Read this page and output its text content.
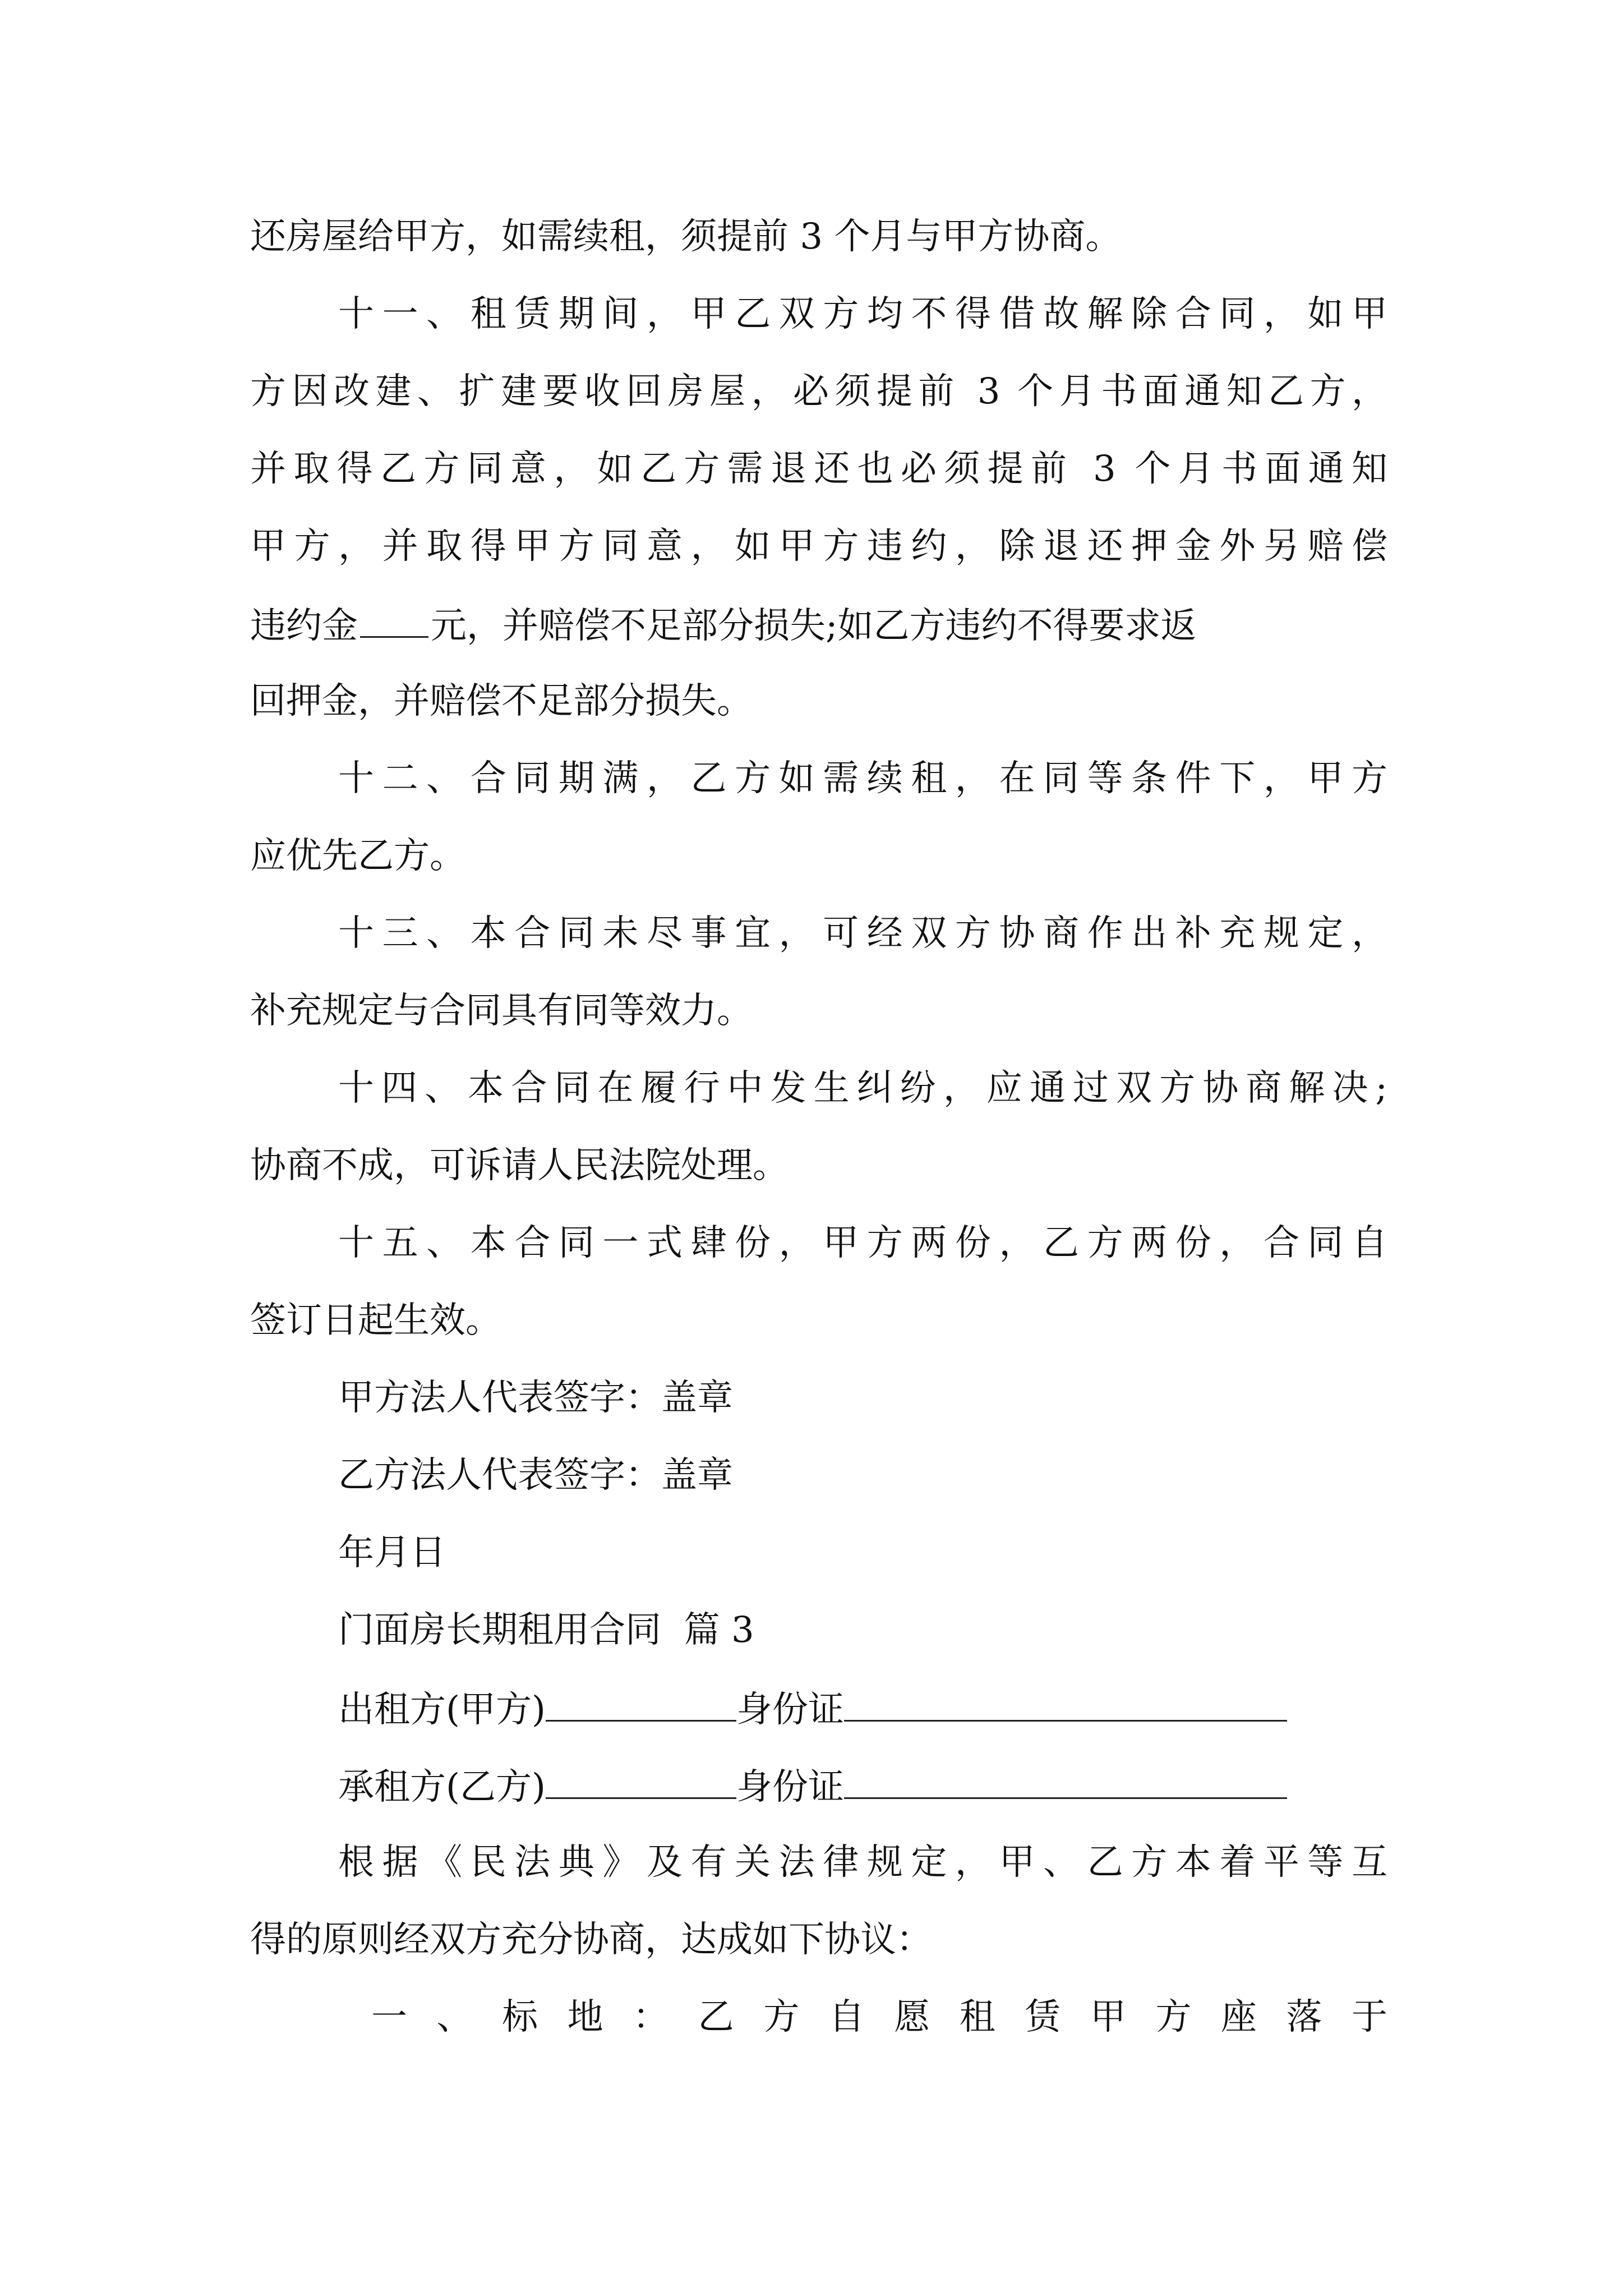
还房屋给甲方，如需续租，须提前 3 个月与甲方协商。
十一、租赁期间，甲乙双方均不得借故解除合同，如甲
方因改建、扩建要收回房屋，必须提前 3 个月书面通知乙方，
并取得乙方同意，如乙方需退还也必须提前 3 个月书面通知
甲方，并取得甲方同意，如甲方违约，除退还押金外另赔偿
违约金 元，并赔偿不足部分损失;如乙方违约不得要求返
回押金，并赔偿不足部分损失。
十二、合同期满，乙方如需续租，在同等条件下，甲方
应优先乙方。
十三、本合同未尽事宜，可经双方协商作出补充规定，
补充规定与合同具有同等效力。
十四、本合同在履行中发生纠纷，应通过双方协商解决;
协商不成，可诉请人民法院处理。
十五、本合同一式肆份，甲方两份，乙方两份，合同自
签订日起生效。
甲方法人代表签字：盖章
乙方法人代表签字：盖章
年月日
门面房长期租用合同  篇 3
出租方(甲方)	身份证
承租方(乙方)	身份证
根据《民法典》及有关法律规定，甲、乙方本着平等互
得的原则经双方充分协商，达成如下协议：
一、标地：乙方自愿租赁甲方座落于
